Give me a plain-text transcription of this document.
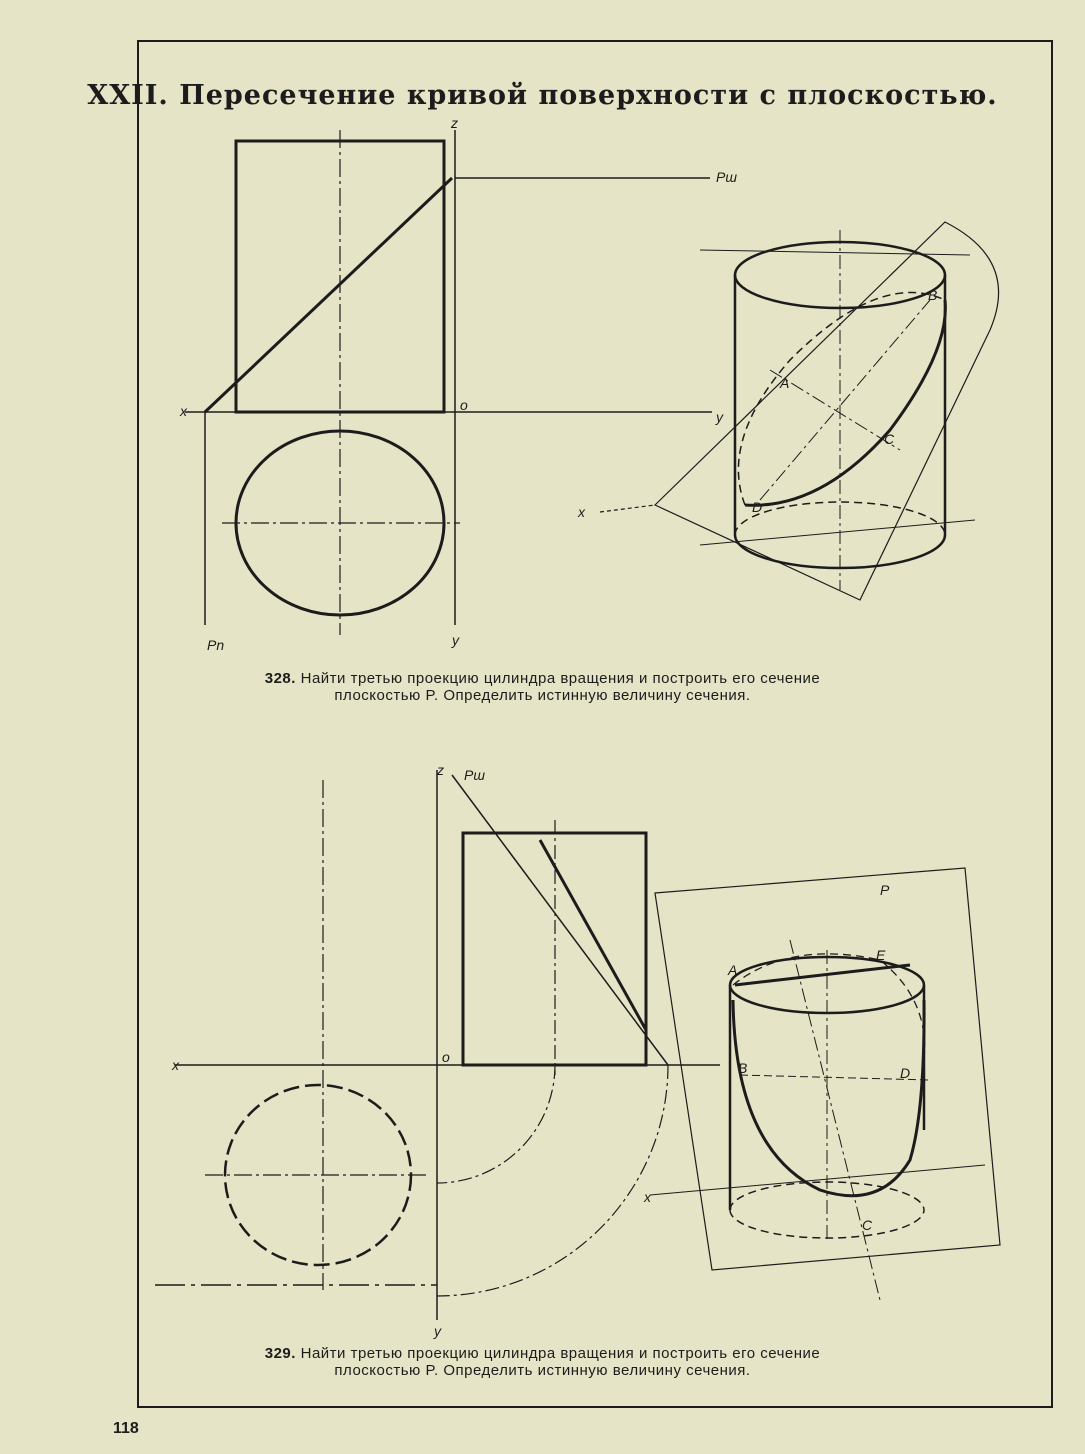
XXII. Пересечение кривой поверхности с плоскостью.
x
z
o
y
y
Pш
Pn
x
A
B
C
D
x
z
o
y
Pш
P
x
A
E
B	D
C
328. Найти третью проекцию цилиндра вращения и построить его сечение
плоскостью P. Определить истинную величину сечения.
329. Найти третью проекцию цилиндра вращения и построить его сечение
плоскостью P. Определить истинную величину сечения.
118
